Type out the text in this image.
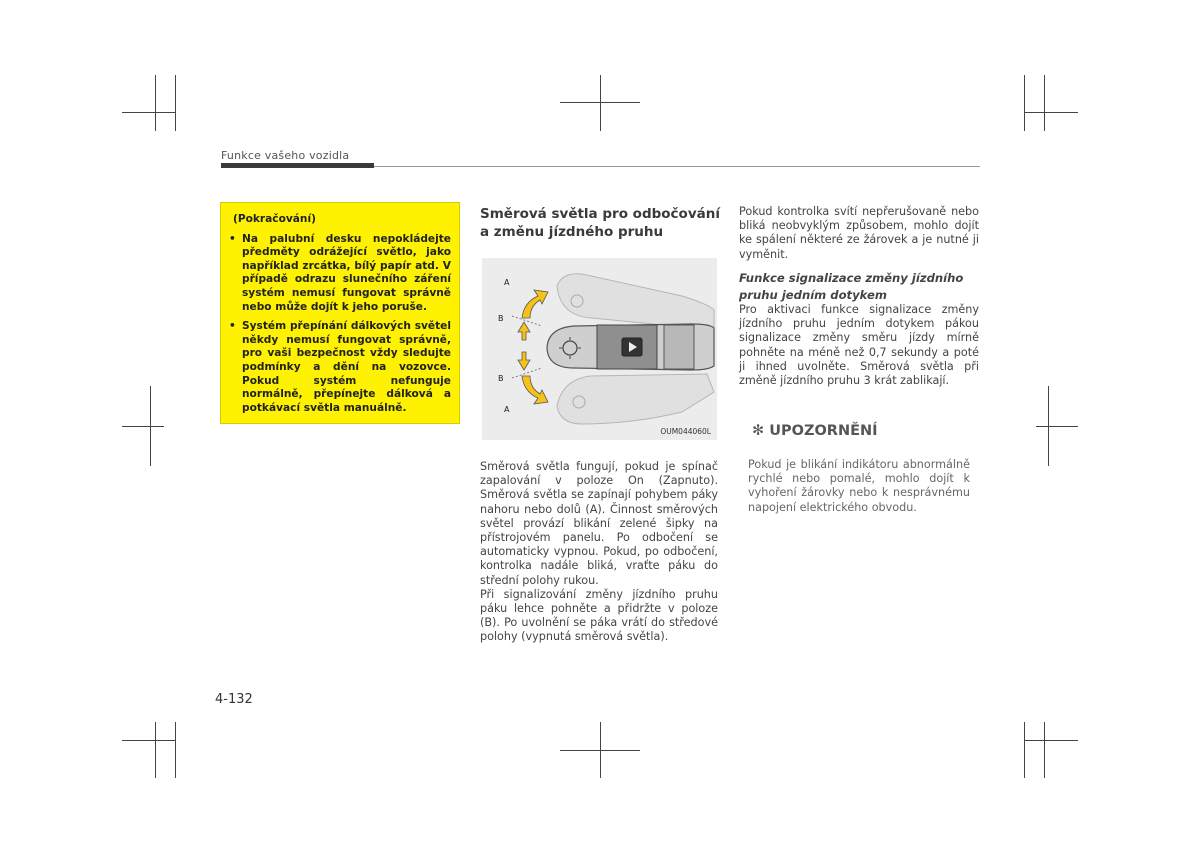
Funkce vašeho vozidla
(Pokračování)
• Na palubní desku nepokládejte předměty odrážející světlo, jako například zrcátka, bílý papír atd. V případě odrazu slunečního záření systém nemusí fungovat správně nebo může dojít k jeho poruše.
• Systém přepínání dálkových světel někdy nemusí fungovat správně, pro vaši bezpečnost vždy sledujte podmínky a dění na vozovce. Pokud systém nefunguje normálně, přepínejte dálková a potkávací světla manuálně.
Směrová světla pro odbočování
a změnu jízdného pruhu
A
B
B
A
OUM044060L

Směrová světla fungují, pokud je spínač zapalování v poloze On (Zapnuto). Směrová světla se zapínají pohybem páky nahoru nebo dolů (A). Činnost směrových světel provází blikání zelené šipky na přístrojovém panelu. Po odbočení se automaticky vypnou. Pokud, po odbočení, kontrolka nadále bliká, vraťte páku do střední polohy rukou.

Při signalizování změny jízdního pruhu páku lehce pohněte a přidržte v poloze (B). Po uvolnění se páka vrátí do středové polohy (vypnutá směrová světla).

Pokud kontrolka svítí nepřerušovaně nebo bliká neobvyklým způsobem, mohlo dojít ke spálení některé ze žárovek a je nutné ji vyměnit.
Funkce signalizace změny jízdního
pruhu jedním dotykem
Pro aktivaci funkce signalizace změny jízdního pruhu jedním dotykem pákou signalizace změny směru jízdy mírně pohněte na méně než 0,7 sekundy a poté ji ihned uvolněte. Směrová světla při změně jízdního pruhu 3 krát zablikají.
✻ UPOZORNĚNÍ
Pokud je blikání indikátoru abnormálně rychlé nebo pomalé, mohlo dojít k vyhoření žárovky nebo k nesprávnému napojení elektrického obvodu.
4-132
